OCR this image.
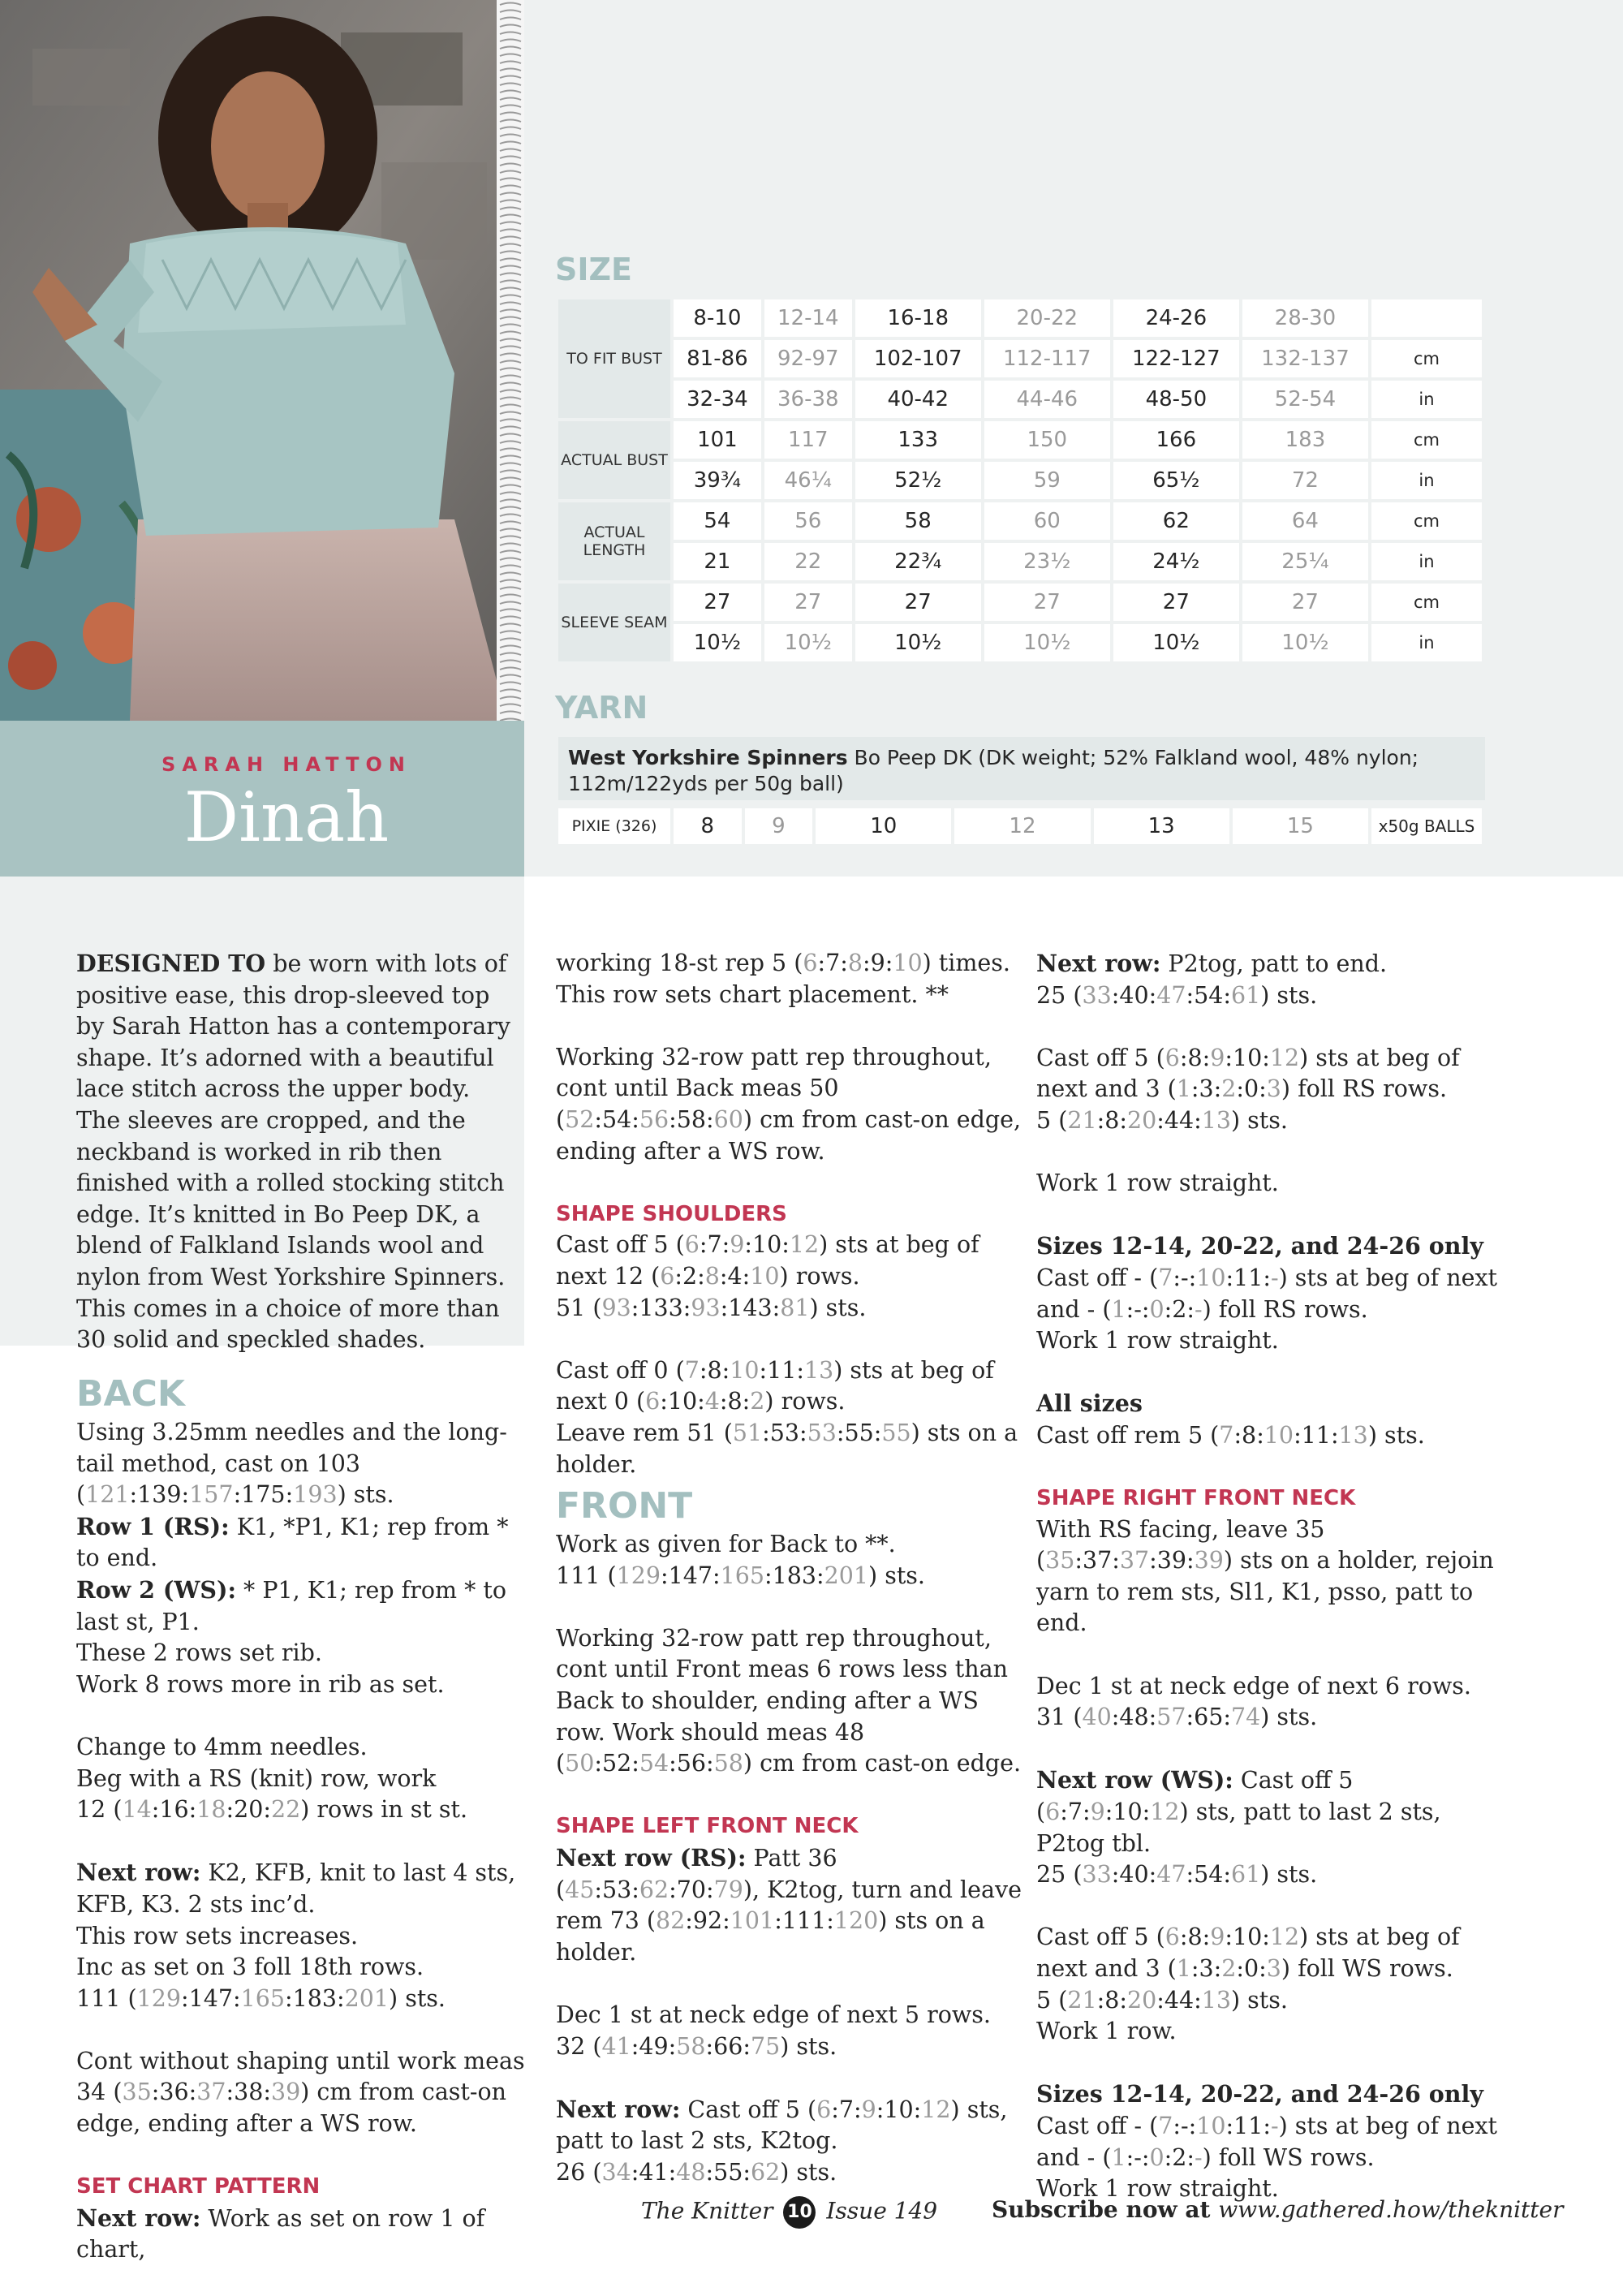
SARAH HATTON
Dinah
SIZE
TO FIT BUST	8-10	12-14	16-18	20-22	24-26	28-30	
	81-86	92-97	102-107	112-117	122-127	132-137	cm
	32-34	36-38	40-42	44-46	48-50	52-54	in
ACTUAL BUST	101	117	133	150	166	183	cm
	39¾	46¼	52½	59	65½	72	in
ACTUAL LENGTH	54	56	58	60	62	64	cm
	21	22	22¾	23½	24½	25¼	in
SLEEVE SEAM	27	27	27	27	27	27	cm
	10½	10½	10½	10½	10½	10½	in
YARN
West Yorkshire Spinners Bo Peep DK (DK weight; 52% Falkland wool, 48% nylon; 112m/122yds per 50g ball)
PIXIE (326)	8	9	10	12	13	15	x50g BALLS

DESIGNED TO be worn with lots of positive ease, this drop-sleeved top by Sarah Hatton has a contemporary shape. It’s adorned with a beautiful lace stitch across the upper body. The sleeves are cropped, and the neckband is worked in rib then finished with a rolled stocking stitch edge. It’s knitted in Bo Peep DK, a blend of Falkland Islands wool and nylon from West Yorkshire Spinners. This comes in a choice of more than 30 solid and speckled shades.

BACK

Using 3.25mm needles and the long-tail method, cast on 103 (121:139:157:175:193) sts.

Row 1 (RS): K1, *P1, K1; rep from * to end.

Row 2 (WS): * P1, K1; rep from * to last st, P1.

These 2 rows set rib.

Work 8 rows more in rib as set.

Change to 4mm needles.

Beg with a RS (knit) row, work

12 (14:16:18:20:22) rows in st st.

Next row: K2, KFB, knit to last 4 sts, KFB, K3. 2 sts inc’d.

This row sets increases.

Inc as set on 3 foll 18th rows.

111 (129:147:165:183:201) sts.

Cont without shaping until work meas 34 (35:36:37:38:39) cm from cast-on edge, ending after a WS row.

SET CHART PATTERN

Next row: Work as set on row 1 of chart,

working 18-st rep 5 (6:7:8:9:10) times.

This row sets chart placement. **

Working 32-row patt rep throughout, cont until Back meas 50 (52:54:56:58:60) cm from cast-on edge, ending after a WS row.

SHAPE SHOULDERS

Cast off 5 (6:7:9:10:12) sts at beg of next 12 (6:2:8:4:10) rows.

51 (93:133:93:143:81) sts.

Cast off 0 (7:8:10:11:13) sts at beg of next 0 (6:10:4:8:2) rows.

Leave rem 51 (51:53:53:55:55) sts on a holder.

FRONT

Work as given for Back to **.

111 (129:147:165:183:201) sts.

Working 32-row patt rep throughout, cont until Front meas 6 rows less than Back to shoulder, ending after a WS row. Work should meas 48 (50:52:54:56:58) cm from cast-on edge.

SHAPE LEFT FRONT NECK

Next row (RS): Patt 36 (45:53:62:70:79), K2tog, turn and leave rem 73 (82:92:101:111:120) sts on a holder.

Dec 1 st at neck edge of next 5 rows.

32 (41:49:58:66:75) sts.

Next row: Cast off 5 (6:7:9:10:12) sts, patt to last 2 sts, K2tog.

26 (34:41:48:55:62) sts.

Next row: P2tog, patt to end.

25 (33:40:47:54:61) sts.

Cast off 5 (6:8:9:10:12) sts at beg of next and 3 (1:3:2:0:3) foll RS rows.

5 (21:8:20:44:13) sts.

Work 1 row straight.

Sizes 12-14, 20-22, and 24-26 only

Cast off - (7:-:10:11:-) sts at beg of next and - (1:-:0:2:-) foll RS rows.

Work 1 row straight.

All sizes

Cast off rem 5 (7:8:10:11:13) sts.

SHAPE RIGHT FRONT NECK

With RS facing, leave 35 (35:37:37:39:39) sts on a holder, rejoin yarn to rem sts, Sl1, K1, psso, patt to end.

Dec 1 st at neck edge of next 6 rows.

31 (40:48:57:65:74) sts.

Next row (WS): Cast off 5 (6:7:9:10:12) sts, patt to last 2 sts, P2tog tbl.

25 (33:40:47:54:61) sts.

Cast off 5 (6:8:9:10:12) sts at beg of next and 3 (1:3:2:0:3) foll WS rows.

5 (21:8:20:44:13) sts.

Work 1 row.

Sizes 12-14, 20-22, and 24-26 only

Cast off - (7:-:10:11:-) sts at beg of next and - (1:-:0:2:-) foll WS rows.

Work 1 row straight.

The Knitter 10 Issue 149 Subscribe now at www.gathered.how/theknitter
